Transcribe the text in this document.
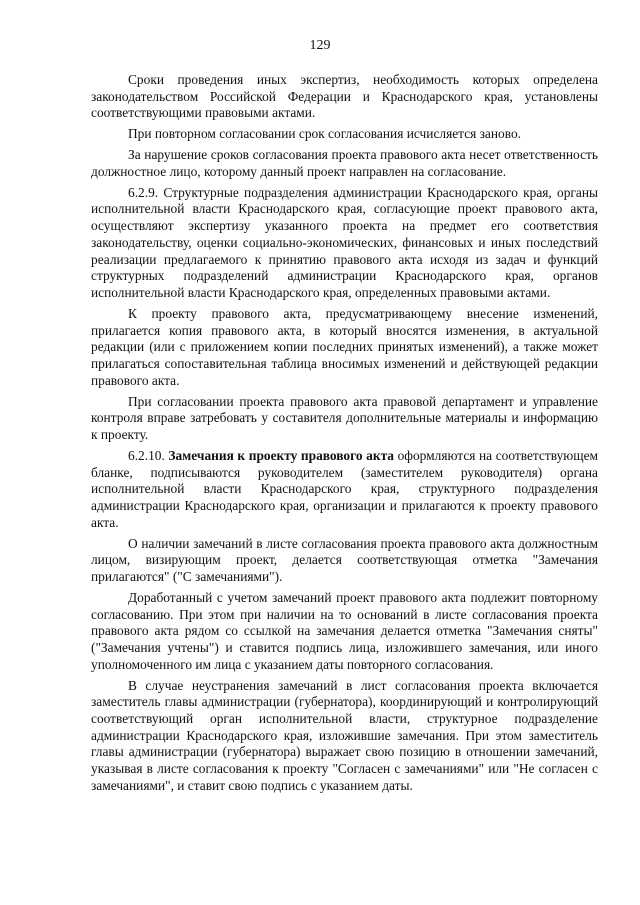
129

Сроки проведения иных экспертиз, необходимость которых определена законодательством Российской Федерации и Краснодарского края, установлены соответствующими правовыми актами.

При повторном согласовании срок согласования исчисляется заново.

За нарушение сроков согласования проекта правового акта несет ответственность должностное лицо, которому данный проект направлен на согласование.

6.2.9. Структурные подразделения администрации Краснодарского края, органы исполнительной власти Краснодарского края, согласующие проект правового акта, осуществляют экспертизу указанного проекта на предмет его соответствия законодательству, оценки социально-экономических, финансовых и иных последствий реализации предлагаемого к принятию правового акта исходя из задач и функций структурных подразделений администрации Краснодарского края, органов исполнительной власти Краснодарского края, определенных правовыми актами.

К проекту правового акта, предусматривающему внесение изменений, прилагается копия правового акта, в который вносятся изменения, в актуальной редакции (или с приложением копии последних принятых изменений), а также может прилагаться сопоставительная таблица вносимых изменений и действующей редакции правового акта.

При согласовании проекта правового акта правовой департамент и управление контроля вправе затребовать у составителя дополнительные материалы и информацию к проекту.

6.2.10. Замечания к проекту правового акта оформляются на соответствующем бланке, подписываются руководителем (заместителем руководителя) органа исполнительной власти Краснодарского края, структурного подразделения администрации Краснодарского края, организации и прилагаются к проекту правового акта.

О наличии замечаний в листе согласования проекта правового акта должностным лицом, визирующим проект, делается соответствующая отметка "Замечания прилагаются" ("С замечаниями").

Доработанный с учетом замечаний проект правового акта подлежит повторному согласованию. При этом при наличии на то оснований в листе согласования проекта правового акта рядом со ссылкой на замечания делается отметка "Замечания сняты" ("Замечания учтены") и ставится подпись лица, изложившего замечания, или иного уполномоченного им лица с указанием даты повторного согласования.

В случае неустранения замечаний в лист согласования проекта включается заместитель главы администрации (губернатора), координирующий и контролирующий соответствующий орган исполнительной власти, структурное подразделение администрации Краснодарского края, изложившие замечания. При этом заместитель главы администрации (губернатора) выражает свою позицию в отношении замечаний, указывая в листе согласования к проекту "Согласен с замечаниями" или "Не согласен с замечаниями", и ставит свою подпись с указанием даты.
